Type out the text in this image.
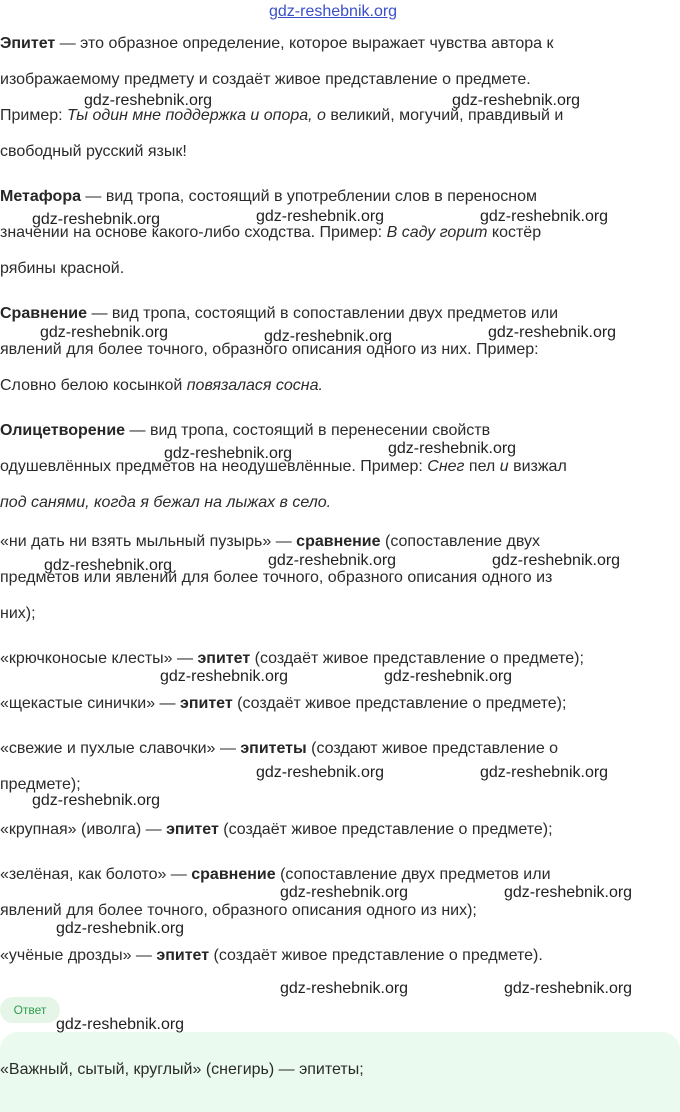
gdz-reshebnik.org
Эпитет — это образное определение, которое выражает чувства автора к
изображаемому предмету и создаёт живое представление о предмете.
Пример: Ты один мне поддержка и опора, о великий, могучий, правдивый и
свободный русский язык!
Метафора — вид тропа, состоящий в употреблении слов в переносном
значении на основе какого-либо сходства. Пример: В саду горит костёр
рябины красной.
Сравнение — вид тропа, состоящий в сопоставлении двух предметов или
явлений для более точного, образного описания одного из них. Пример:
Словно белою косынкой повязалася сосна.
Олицетворение — вид тропа, состоящий в перенесении свойств
одушевлённых предметов на неодушевлённые. Пример: Снег пел и визжал
под санями, когда я бежал на лыжах в село.
«ни дать ни взять мыльный пузырь» — сравнение (сопоставление двух
предметов или явлений для более точного, образного описания одного из
них);
«крючконосые клесты» — эпитет (создаёт живое представление о предмете);
«щекастые синички» — эпитет (создаёт живое представление о предмете);
«свежие и пухлые славочки» — эпитеты (создают живое представление о
предмете);
«крупная» (иволга) — эпитет (создаёт живое представление о предмете);
«зелёная, как болото» — сравнение (сопоставление двух предметов или
явлений для более точного, образного описания одного из них);
«учёные дрозды» — эпитет (создаёт живое представление о предмете).
Ответ
«Важный, сытый, круглый» (снегирь) — эпитеты;
gdz-reshebnik.org	gdz-reshebnik.org
gdz-reshebnik.org	gdz-reshebnik.org	gdz-reshebnik.org
gdz-reshebnik.org	gdz-reshebnik.org	gdz-reshebnik.org
gdz-reshebnik.org	gdz-reshebnik.org
gdz-reshebnik.org	gdz-reshebnik.org	gdz-reshebnik.org
gdz-reshebnik.org	gdz-reshebnik.org
gdz-reshebnik.org	gdz-reshebnik.org
gdz-reshebnik.org
gdz-reshebnik.org	gdz-reshebnik.org
gdz-reshebnik.org
gdz-reshebnik.org	gdz-reshebnik.org
gdz-reshebnik.org
